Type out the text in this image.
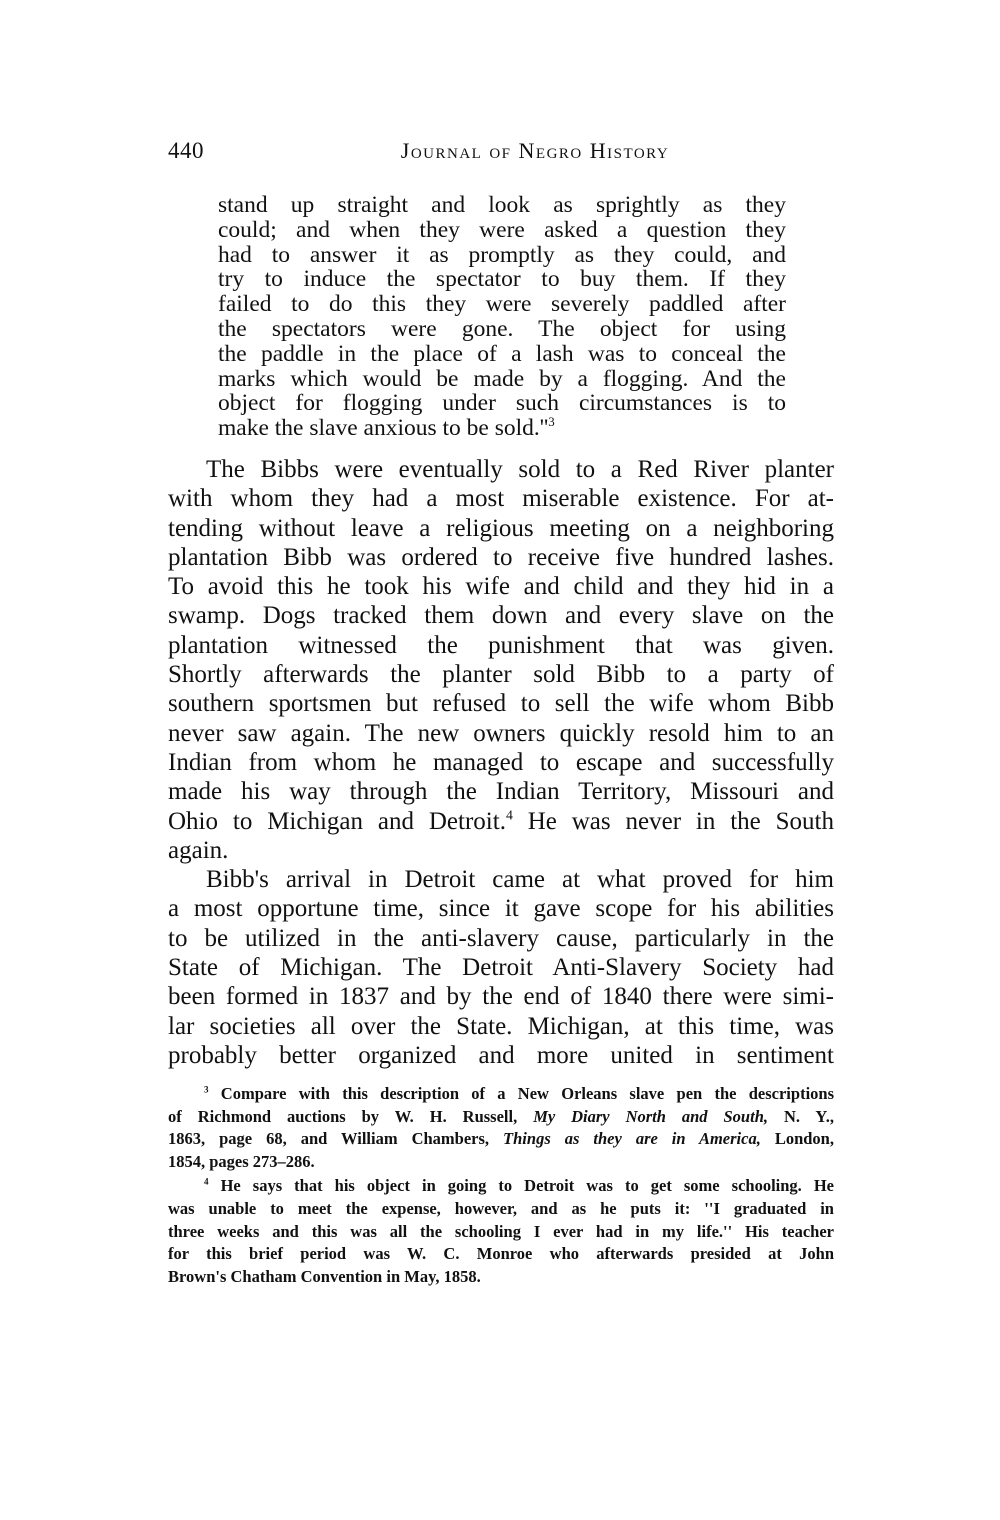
440	Journal of Negro History
stand up straight and look as sprightly as they
could; and when they were asked a question they
had to answer it as promptly as they could, and
try to induce the spectator to buy them. If they
failed to do this they were severely paddled after
the spectators were gone. The object for using
the paddle in the place of a lash was to conceal the
marks which would be made by a flogging. And the
object for flogging under such circumstances is to
make the slave anxious to be $sold.''^3$
The Bibbs were eventually sold to a Red River planter
with whom they had a most miserable existence. For at-
tending without leave a religious meeting on a neighboring
plantation Bibb was ordered to receive five hundred lashes.
To avoid this he took his wife and child and they hid in a
swamp. Dogs tracked them down and every slave on the
plantation witnessed the punishment that was given.
Shortly afterwards the planter sold Bibb to a party of
southern sportsmen but refused to sell the wife whom Bibb
never saw again. The new owners quickly resold him to an
Indian from whom he managed to escape and successfully
made his way through the Indian Territory, Missouri and
Ohio to Michigan and Detroit.$^4$ He was never in the South
again.
Bibb's arrival in Detroit came at what proved for him
a most opportune time, since it gave scope for his abilities
to be utilized in the anti-slavery cause, particularly in the
State of Michigan. The Detroit Anti-Slavery Society had
been formed in 1837 and by the end of 1840 there were simi-
lar societies all over the State. Michigan, at this time, was
probably better organized and more united in sentiment
$^3$ Compare with this description of a New Orleans slave pen the descriptions
of Richmond auctions by W. H. Russell, My Diary North and South, N. Y.,
1863, page 68, and William Chambers, Things as they are in America, London,
1854, pages 273–286.
$^4$ He says that his object in going to Detroit was to get some schooling. He
was unable to meet the expense, however, and as he puts it: ''I graduated in
three weeks and this was all the schooling I ever had in my life.'' His teacher
for this brief period was W. C. Monroe who afterwards presided at John
Brown's Chatham Convention in May, 1858.
